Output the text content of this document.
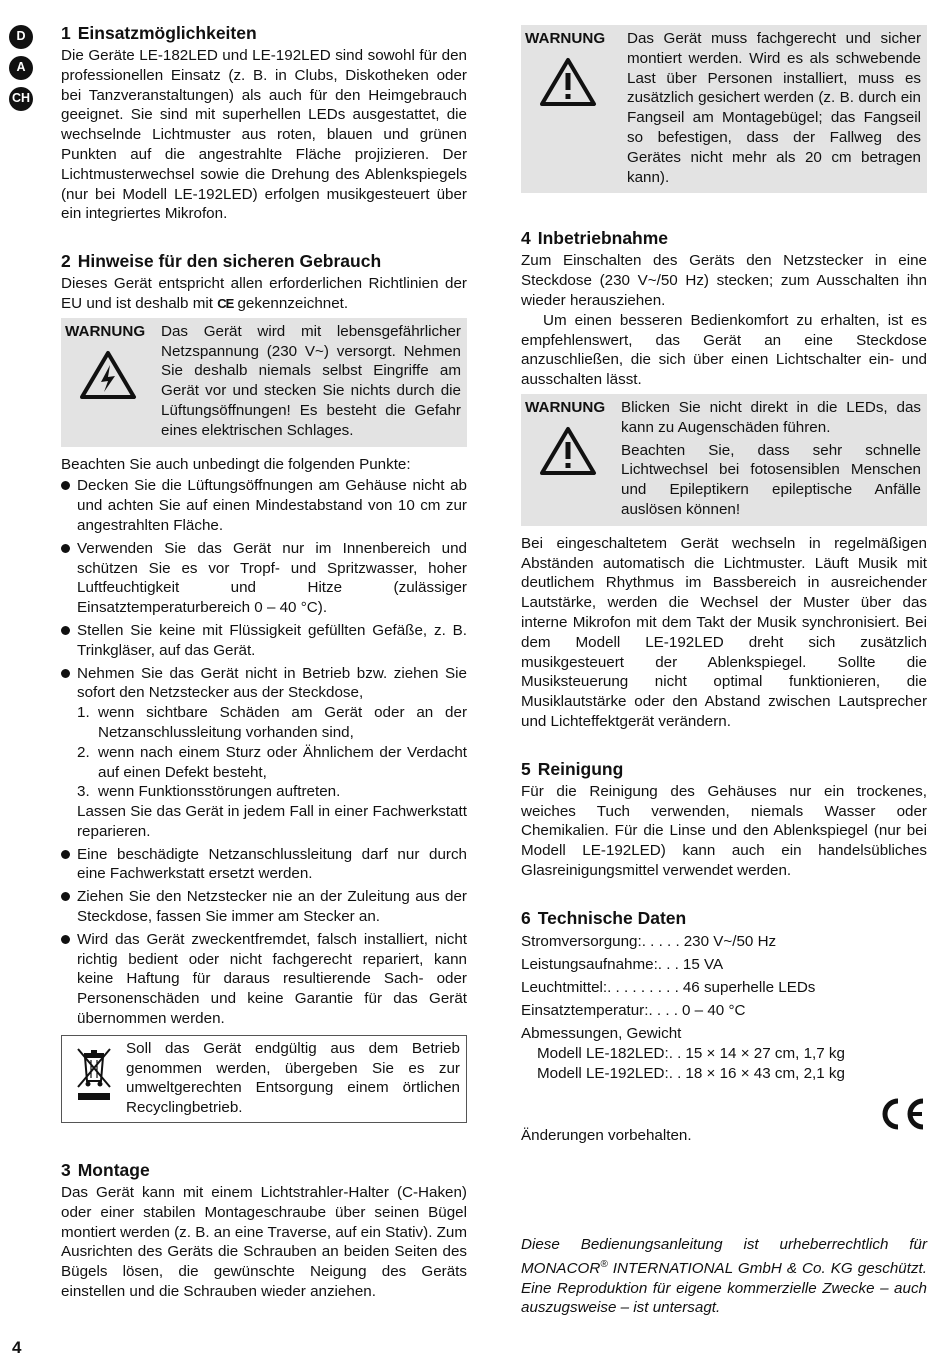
D
A
CH
1 Einsatzmöglichkeiten

Die Geräte LE-182LED und LE-192LED sind sowohl für den professionellen Einsatz (z. B. in Clubs, Diskotheken oder bei Tanzveranstaltungen) als auch für den Heimgebrauch geeignet. Sie sind mit superhellen LEDs ausgestattet, die wechselnde Lichtmuster aus roten, blauen und grünen Punkten auf die angestrahlte Fläche projizieren. Der Lichtmusterwechsel sowie die Drehung des Ablenkspiegels (nur bei Modell LE-192LED) erfolgen musikgesteuert über ein integriertes Mikrofon.

2 Hinweise für den sicheren Gebrauch

Dieses Gerät entspricht allen erforderlichen Richtlinien der EU und ist deshalb mit CE gekennzeichnet.

WARNUNG	Das Gerät wird mit lebensgefährlicher Netzspannung (230 V~) versorgt. Nehmen Sie deshalb niemals selbst Eingriffe am Gerät vor und stecken Sie nichts durch die Lüftungsöffnungen! Es besteht die Gefahr eines elektrischen Schlages.

Beachten Sie auch unbedingt die folgenden Punkte:

Decken Sie die Lüftungsöffnungen am Gehäuse nicht ab und achten Sie auf einen Mindestabstand von 10 cm zur angestrahlten Fläche.
Verwenden Sie das Gerät nur im Innenbereich und schützen Sie es vor Tropf- und Spritzwasser, hoher Luftfeuchtigkeit und Hitze (zulässiger Einsatztemperaturbereich 0 – 40 °C).
Stellen Sie keine mit Flüssigkeit gefüllten Gefäße, z. B. Trinkgläser, auf das Gerät.
Nehmen Sie das Gerät nicht in Betrieb bzw. ziehen Sie sofort den Netzstecker aus der Steckdose,
1. wenn sichtbare Schäden am Gerät oder an der Netzanschlussleitung vorhanden sind,
2. wenn nach einem Sturz oder Ähnlichem der Verdacht auf einen Defekt besteht,
3. wenn Funktionsstörungen auftreten.
Lassen Sie das Gerät in jedem Fall in einer Fachwerkstatt reparieren.
Eine beschädigte Netzanschlussleitung darf nur durch eine Fachwerkstatt ersetzt werden.
Ziehen Sie den Netzstecker nie an der Zuleitung aus der Steckdose, fassen Sie immer am Stecker an.
Wird das Gerät zweckentfremdet, falsch installiert, nicht richtig bedient oder nicht fachgerecht repariert, kann keine Haftung für daraus resultierende Sach- oder Personenschäden und keine Garantie für das Gerät übernommen werden.
Soll das Gerät endgültig aus dem Betrieb genommen werden, übergeben Sie es zur umweltgerechten Entsorgung einem örtlichen Recyclingbetrieb.
3 Montage

Das Gerät kann mit einem Lichtstrahler-Halter (C-Haken) oder einer stabilen Montageschraube über seinen Bügel montiert werden (z. B. an eine Traverse, auf ein Stativ). Zum Ausrichten des Geräts die Schrauben an beiden Seiten des Bügels lösen, die gewünschte Neigung des Geräts einstellen und die Schrauben wieder anziehen.

WARNUNG	Das Gerät muss fachgerecht und sicher montiert werden. Wird es als schwebende Last über Personen installiert, muss es zusätzlich gesichert werden (z. B. durch ein Fangseil am Montagebügel; das Fangseil so befestigen, dass der Fallweg des Gerätes nicht mehr als 20 cm betragen kann).
4 Inbetriebnahme

Zum Einschalten des Geräts den Netzstecker in eine Steckdose (230 V~/50 Hz) stecken; zum Ausschalten ihn wieder herausziehen.

Um einen besseren Bedienkomfort zu erhalten, ist es empfehlenswert, das Gerät an eine Steckdose anzuschließen, die sich über einen Lichtschalter ein- und ausschalten lässt.

WARNUNG	Blicken Sie nicht direkt in die LEDs, das kann zu Augenschäden führen.
Beachten Sie, dass sehr schnelle Lichtwechsel bei fotosensiblen Menschen und Epileptikern epileptische Anfälle auslösen können!

Bei eingeschaltetem Gerät wechseln in regelmäßigen Abständen automatisch die Lichtmuster. Läuft Musik mit deutlichem Rhythmus im Bassbereich in ausreichender Lautstärke, werden die Wechsel der Muster über das interne Mikrofon mit dem Takt der Musik synchronisiert. Bei dem Modell LE-192LED dreht sich zusätzlich musikgesteuert der Ablenkspiegel. Sollte die Musiksteuerung nicht optimal funktionieren, die Musiklautstärke oder den Abstand zwischen Lautsprecher und Lichteffektgerät verändern.

5 Reinigung

Für die Reinigung des Gehäuses nur ein trockenes, weiches Tuch verwenden, niemals Wasser oder Chemikalien. Für die Linse und den Ablenkspiegel (nur bei Modell LE-192LED) kann auch ein handelsübliches Glasreinigungsmittel verwendet werden.

6 Technische Daten
Stromversorgung: . . . . . 230 V~/50 Hz
Leistungsaufnahme: . . . 15 VA
Leuchtmittel: . . . . . . . . . 46 superhelle LEDs
Einsatztemperatur: . . . . 0 – 40 °C
Abmessungen, Gewicht
Modell LE-182LED: . . 15 × 14 × 27 cm, 1,7 kg
Modell LE-192LED: . . 18 × 16 × 43 cm, 2,1 kg

Änderungen vorbehalten.

Diese Bedienungsanleitung ist urheberrechtlich für MONACOR® INTERNATIONAL GmbH & Co. KG geschützt. Eine Reproduktion für eigene kommerzielle Zwecke – auch auszugsweise – ist untersagt.
4
